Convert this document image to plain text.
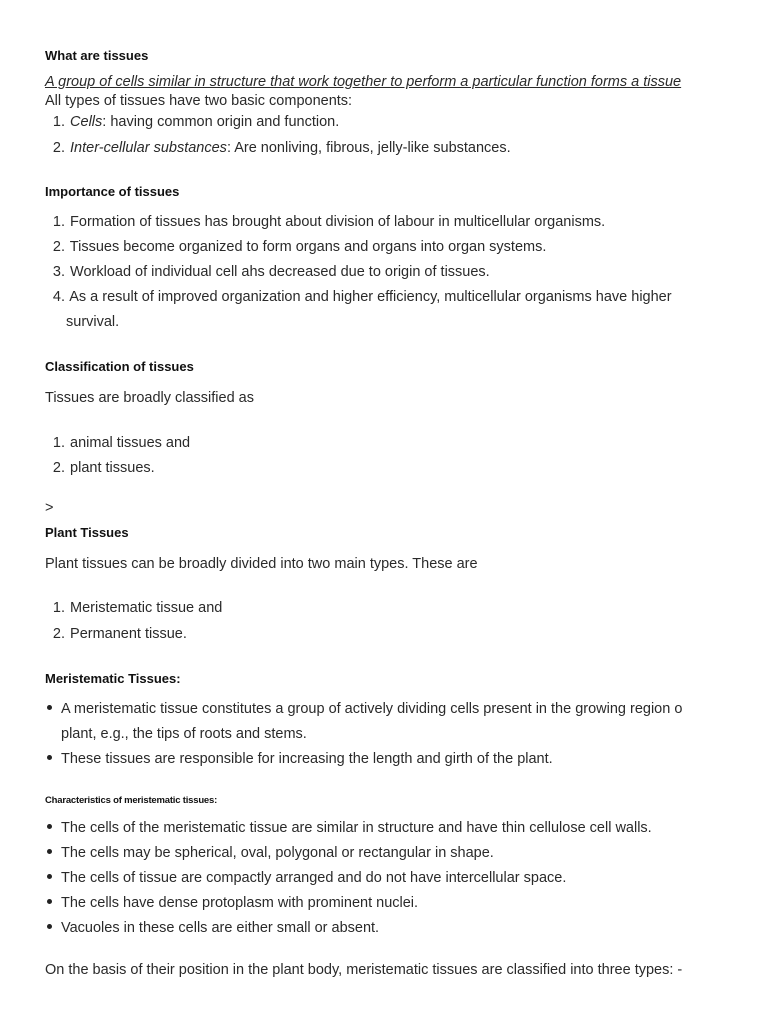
What are tissues
A group of cells similar in structure that work together to perform a particular function forms a tissue
All types of tissues have two basic components:
1. Cells: having common origin and function.
2. Inter-cellular substances: Are nonliving, fibrous, jelly-like substances.
Importance of tissues
1. Formation of tissues has brought about division of labour in multicellular organisms.
2. Tissues become organized to form organs and organs into organ systems.
3. Workload of individual cell ahs decreased due to origin of tissues.
4. As a result of improved organization and higher efficiency, multicellular organisms have higher
survival.
Classification of tissues
Tissues are broadly classified as
1. animal tissues and
2. plant tissues.
>
Plant Tissues
Plant tissues can be broadly divided into two main types. These are
1. Meristematic tissue and
2. Permanent tissue.
Meristematic Tissues:
A meristematic tissue constitutes a group of actively dividing cells present in the growing region o
plant, e.g., the tips of roots and stems.
These tissues are responsible for increasing the length and girth of the plant.
Characteristics of meristematic tissues:
The cells of the meristematic tissue are similar in structure and have thin cellulose cell walls.
The cells may be spherical, oval, polygonal or rectangular in shape.
The cells of tissue are compactly arranged and do not have intercellular space.
The cells have dense protoplasm with prominent nuclei.
Vacuoles in these cells are either small or absent.
On the basis of their position in the plant body, meristematic tissues are classified into three types: -
